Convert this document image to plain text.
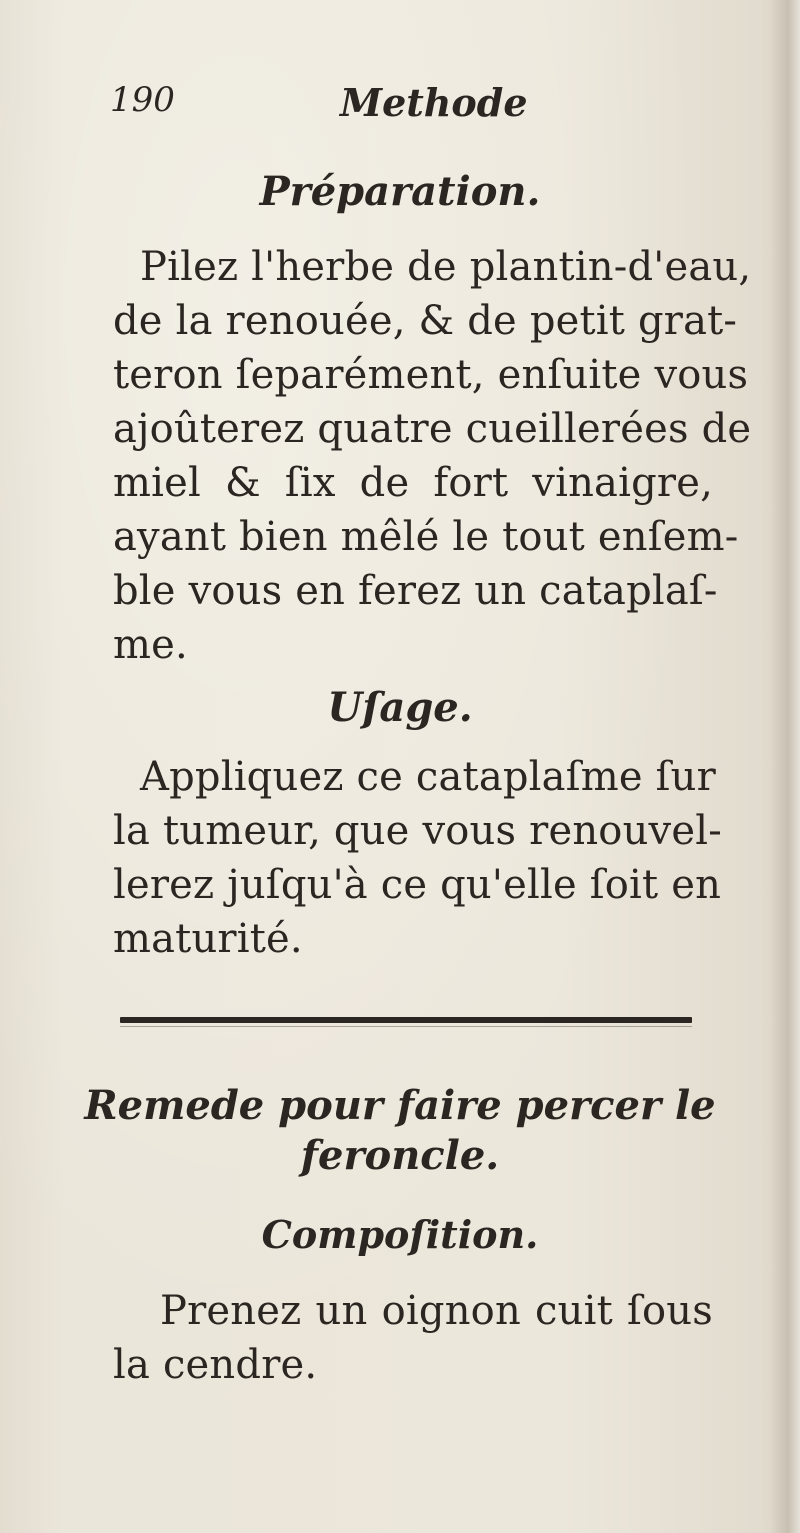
190	Methode
Préparation.
Pilez l'herbe de plantin-d'eau,
de la renouée, & de petit grat-
teron ſeparément, enſuite vous
ajoûterez quatre cueillerées de
miel & ſix de fort vinaigre,
ayant bien mêlé le tout enſem-
ble vous en ferez un cataplaſ-
me.
Uſage.
Appliquez ce cataplaſme ſur
la tumeur, que vous renouvel-
lerez juſqu'à ce qu'elle ſoit en
maturité.
Remede pour faire percer le
feroncle.
Compoſition.
Prenez un oignon cuit ſous
la cendre.
